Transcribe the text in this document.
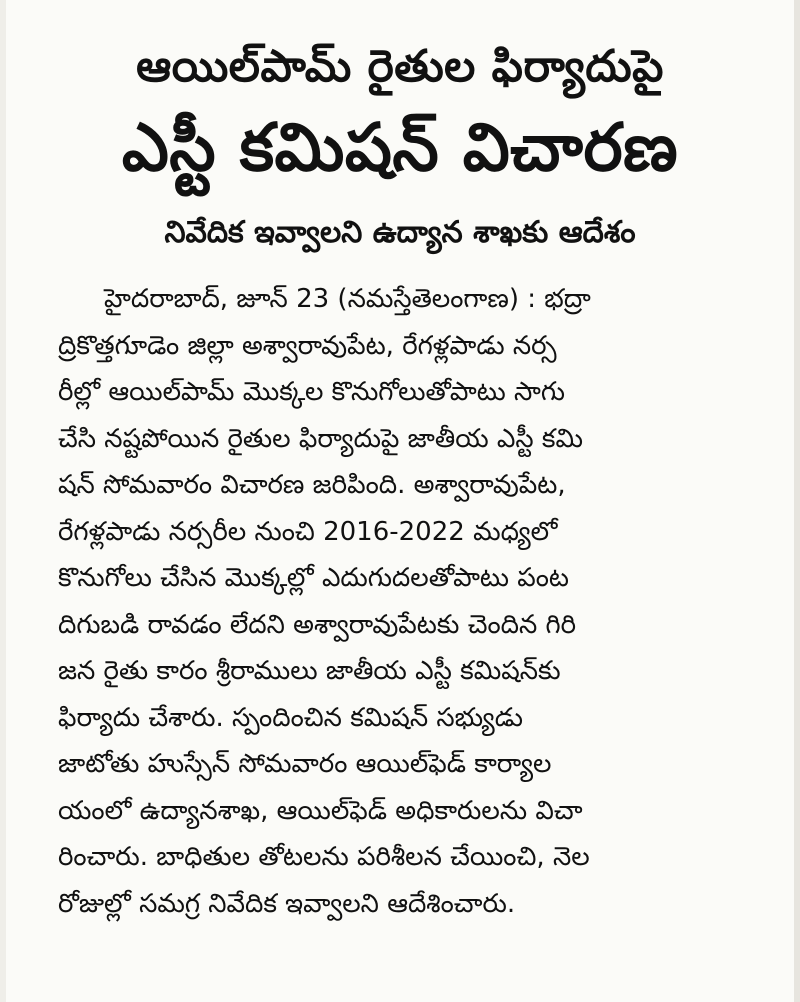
ఆయిల్‌పామ్‌ రైతుల ఫిర్యాదుపై
ఎస్టీ కమిషన్‌ విచారణ
నివేదిక ఇవ్వాలని ఉద్యాన శాఖకు ఆదేశం
హైదరాబాద్‌, జూన్‌ 23 (నమస్తేతెలంగాణ) : భద్రా
ద్రికొత్తగూడెం జిల్లా అశ్వారావుపేట, రేగళ్లపాడు నర్స
రీల్లో ఆయిల్‌పామ్‌ మొక్కల కొనుగోలుతోపాటు సాగు
చేసి నష్టపోయిన రైతుల ఫిర్యాదుపై జాతీయ ఎస్టీ కమి
షన్‌ సోమవారం విచారణ జరిపింది. అశ్వారావుపేట,
రేగళ్లపాడు నర్సరీల నుంచి 2016-2022 మధ్యలో
కొనుగోలు చేసిన మొక్కల్లో ఎదుగుదలతోపాటు పంట
దిగుబడి రావడం లేదని అశ్వారావుపేటకు చెందిన గిరి
జన రైతు కారం శ్రీరాములు జాతీయ ఎస్టీ కమిషన్‌కు
ఫిర్యాదు చేశారు. స్పందించిన కమిషన్‌ సభ్యుడు
జాటోతు హుస్సేన్‌ సోమవారం ఆయిల్‌ఫెడ్‌ కార్యాల
యంలో ఉద్యానశాఖ, ఆయిల్‌ఫెడ్‌ అధికారులను విచా
రించారు. బాధితుల తోటలను పరిశీలన చేయించి, నెల
రోజుల్లో సమగ్ర నివేదిక ఇవ్వాలని ఆదేశించారు.
